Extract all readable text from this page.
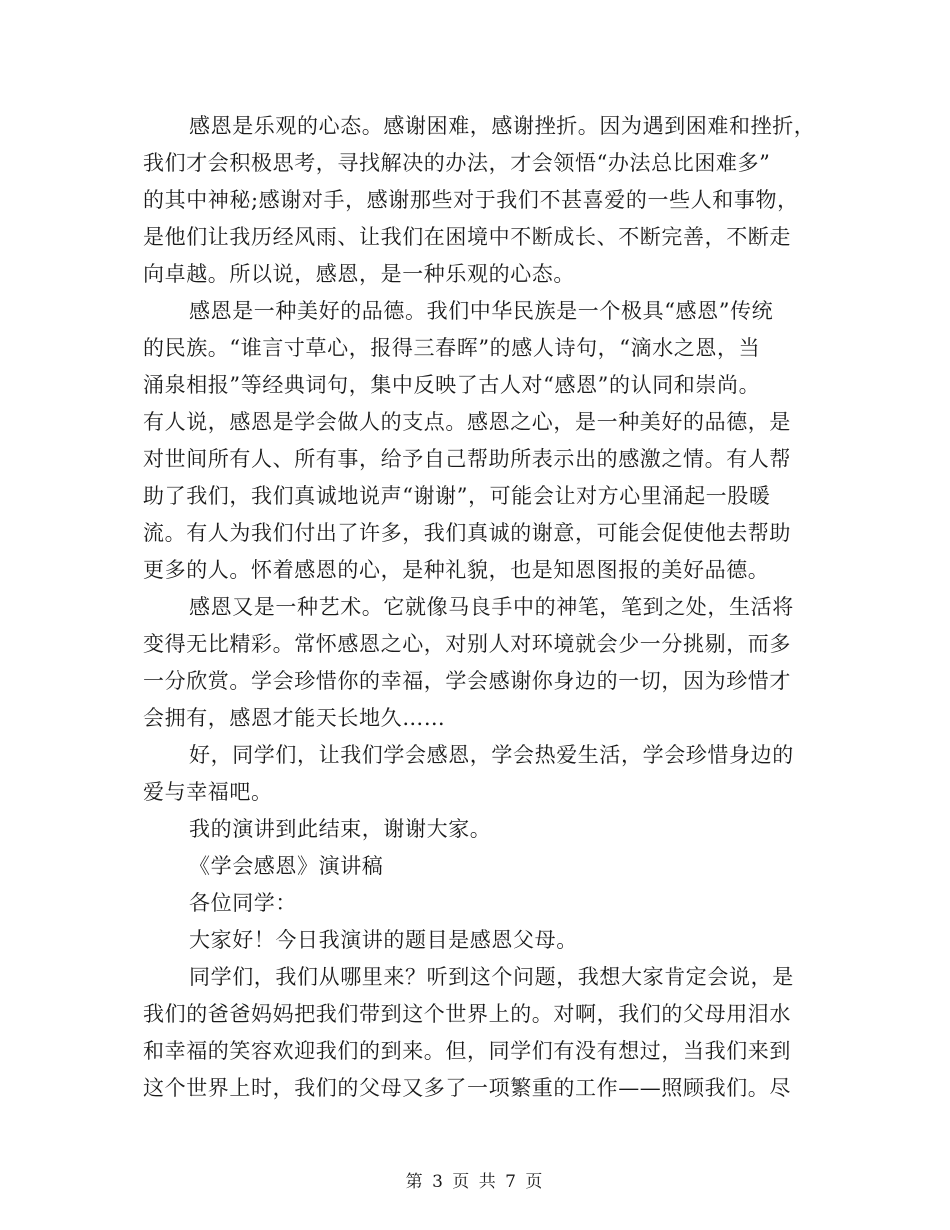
感恩是乐观的心态。感谢困难，感谢挫折。因为遇到困难和挫折，
我们才会积极思考，寻找解决的办法，才会领悟“办法总比困难多”
的其中神秘;感谢对手，感谢那些对于我们不甚喜爱的一些人和事物，
是他们让我历经风雨、让我们在困境中不断成长、不断完善，不断走
向卓越。所以说，感恩，是一种乐观的心态。
感恩是一种美好的品德。我们中华民族是一个极具“感恩”传统
的民族。“谁言寸草心，报得三春晖”的感人诗句，“滴水之恩，当
涌泉相报”等经典词句，集中反映了古人对“感恩”的认同和崇尚。
有人说，感恩是学会做人的支点。感恩之心，是一种美好的品德，是
对世间所有人、所有事，给予自己帮助所表示出的感激之情。有人帮
助了我们，我们真诚地说声“谢谢”，可能会让对方心里涌起一股暖
流。有人为我们付出了许多，我们真诚的谢意，可能会促使他去帮助
更多的人。怀着感恩的心，是种礼貌，也是知恩图报的美好品德。
感恩又是一种艺术。它就像马良手中的神笔，笔到之处，生活将
变得无比精彩。常怀感恩之心，对别人对环境就会少一分挑剔，而多
一分欣赏。学会珍惜你的幸福，学会感谢你身边的一切，因为珍惜才
会拥有，感恩才能天长地久……
好，同学们，让我们学会感恩，学会热爱生活，学会珍惜身边的
爱与幸福吧。
我的演讲到此结束，谢谢大家。
《学会感恩》演讲稿
各位同学：
大家好！今日我演讲的题目是感恩父母。
同学们，我们从哪里来？听到这个问题，我想大家肯定会说，是
我们的爸爸妈妈把我们带到这个世界上的。对啊，我们的父母用泪水
和幸福的笑容欢迎我们的到来。但，同学们有没有想过，当我们来到
这个世界上时，我们的父母又多了一项繁重的工作——照顾我们。尽
第 3 页 共 7 页
